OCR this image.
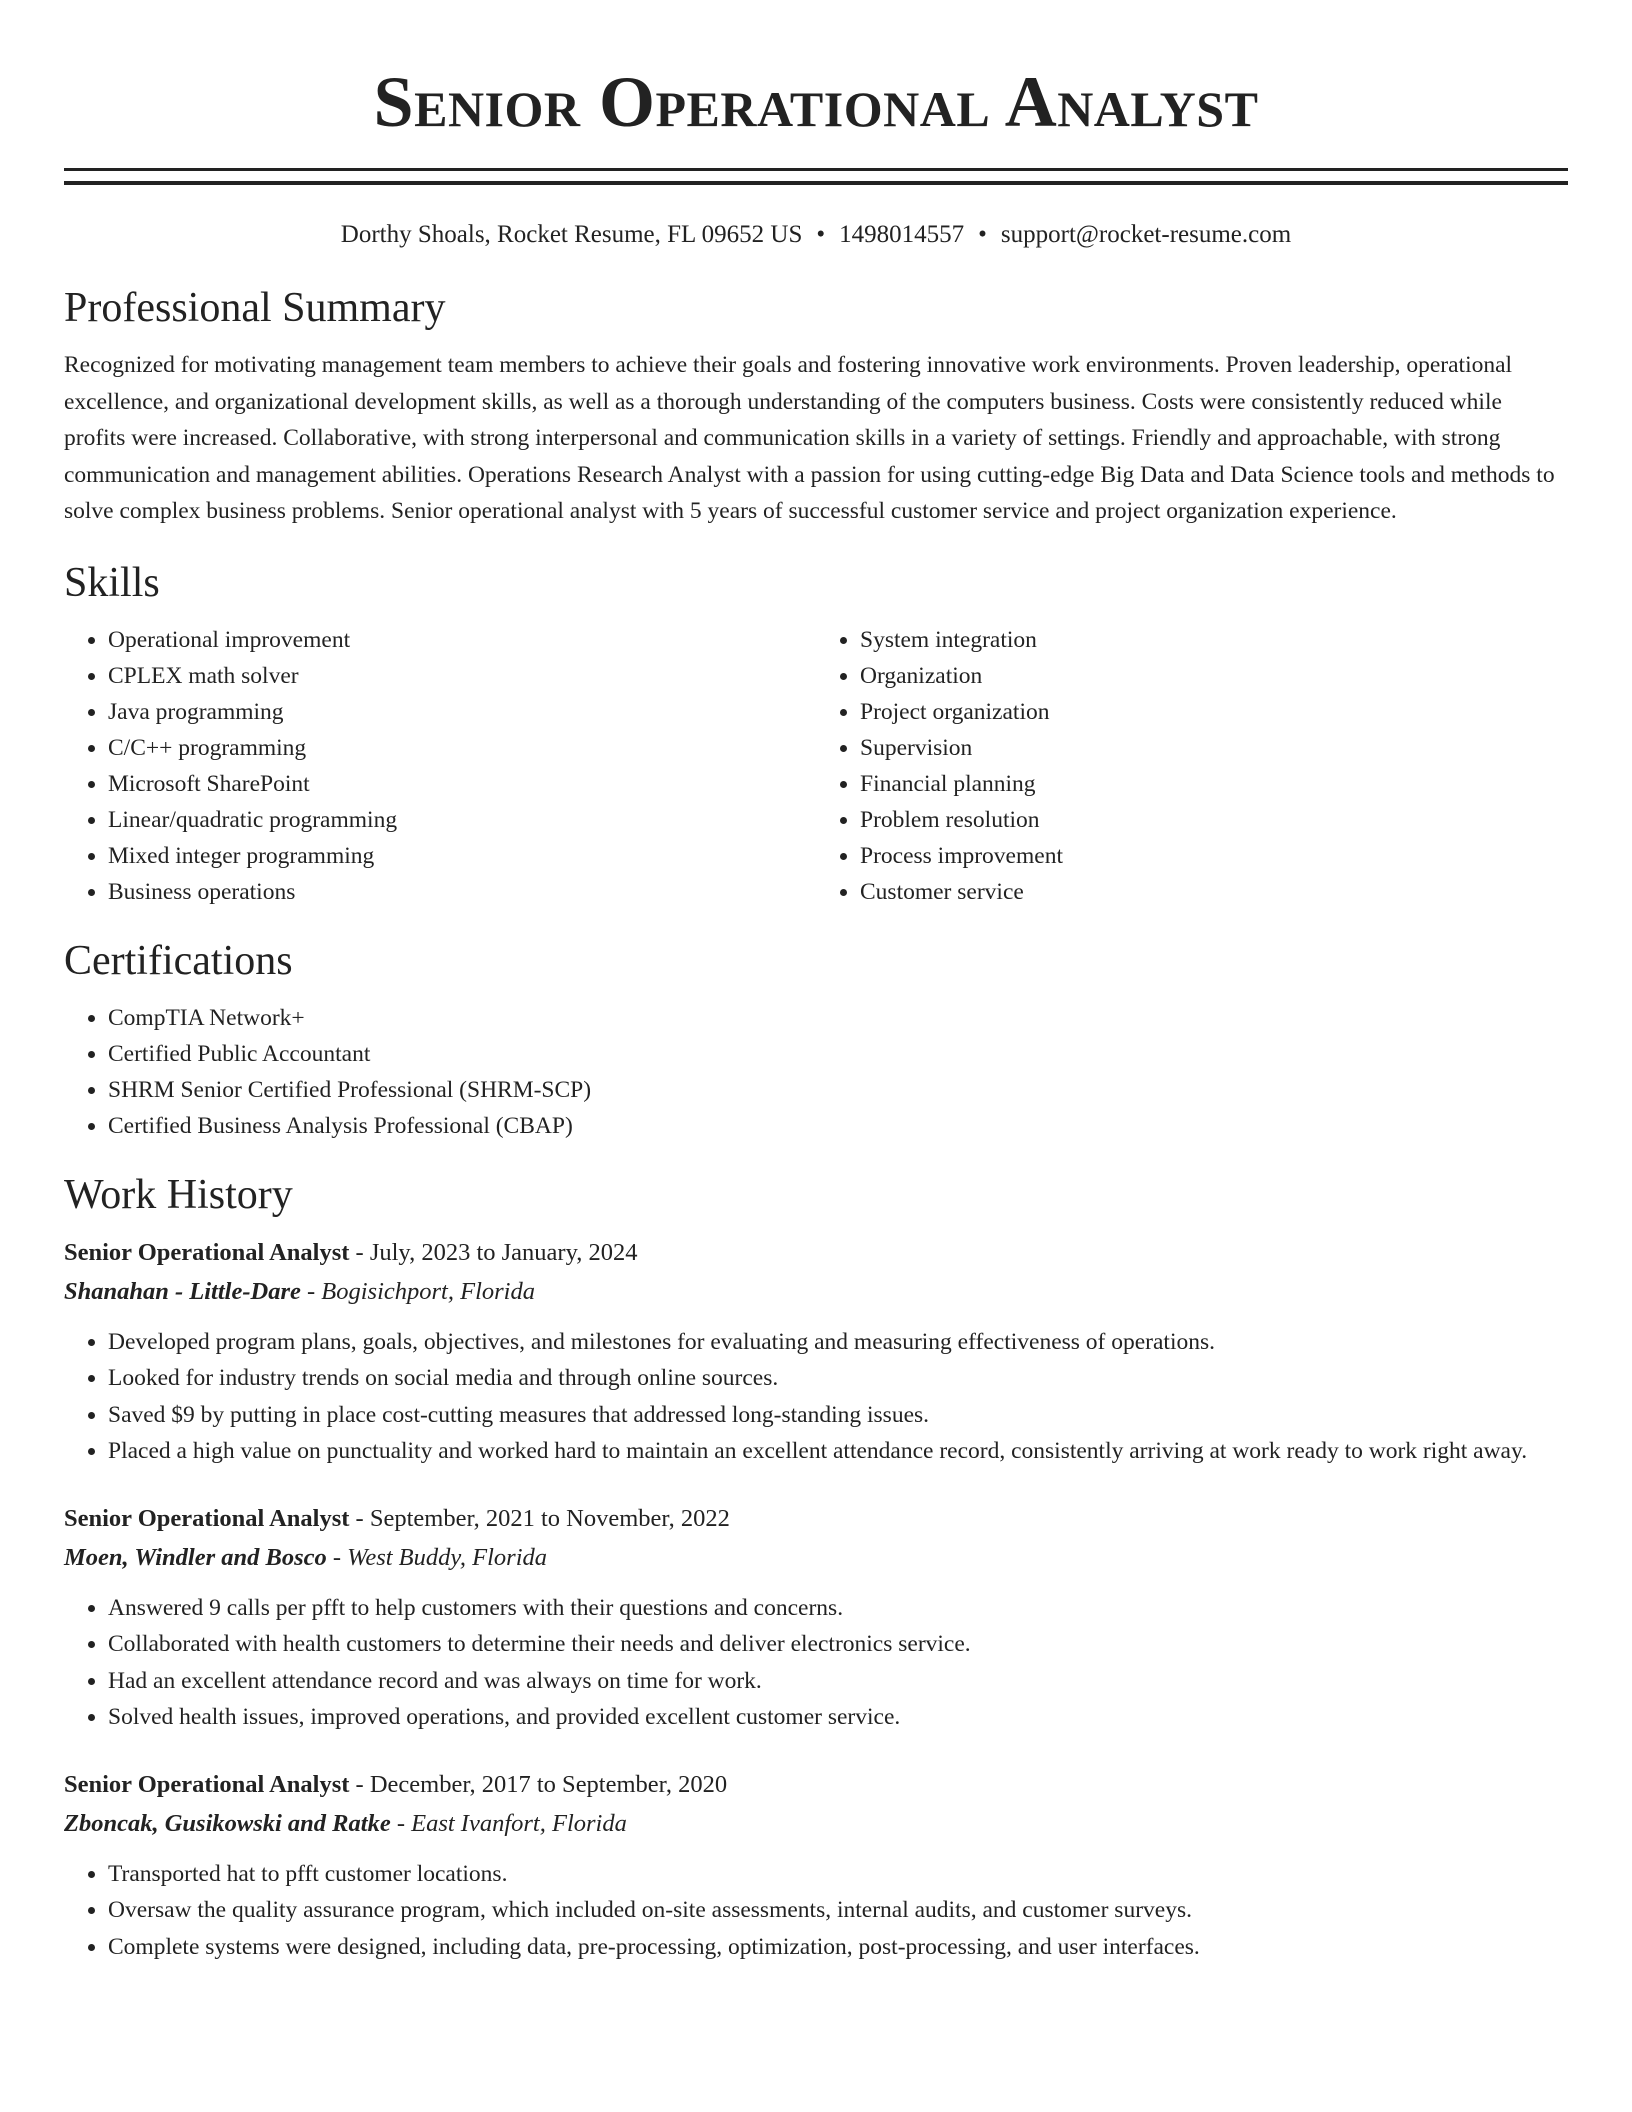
Senior Operational Analyst
Dorthy Shoals, Rocket Resume, FL 09652 US • 1498014557 • support@rocket-resume.com
Professional Summary

Recognized for motivating management team members to achieve their goals and fostering innovative work environments. Proven leadership, operational excellence, and organizational development skills, as well as a thorough understanding of the computers business. Costs were consistently reduced while profits were increased. Collaborative, with strong interpersonal and communication skills in a variety of settings. Friendly and approachable, with strong communication and management abilities. Operations Research Analyst with a passion for using cutting-edge Big Data and Data Science tools and methods to solve complex business problems. Senior operational analyst with 5 years of successful customer service and project organization experience.

Skills
• Operational improvement
• CPLEX math solver
• Java programming
• C/C++ programming
• Microsoft SharePoint
• Linear/quadratic programming
• Mixed integer programming
• Business operations
• System integration
• Organization
• Project organization
• Supervision
• Financial planning
• Problem resolution
• Process improvement
• Customer service
Certifications
• CompTIA Network+
• Certified Public Accountant
• SHRM Senior Certified Professional (SHRM-SCP)
• Certified Business Analysis Professional (CBAP)
Work History
Senior Operational Analyst - July, 2023 to January, 2024
Shanahan - Little-Dare - Bogisichport, Florida
• Developed program plans, goals, objectives, and milestones for evaluating and measuring effectiveness of operations.
• Looked for industry trends on social media and through online sources.
• Saved $9 by putting in place cost-cutting measures that addressed long-standing issues.
• Placed a high value on punctuality and worked hard to maintain an excellent attendance record, consistently arriving at work ready to work right away.
Senior Operational Analyst - September, 2021 to November, 2022
Moen, Windler and Bosco - West Buddy, Florida
• Answered 9 calls per pfft to help customers with their questions and concerns.
• Collaborated with health customers to determine their needs and deliver electronics service.
• Had an excellent attendance record and was always on time for work.
• Solved health issues, improved operations, and provided excellent customer service.
Senior Operational Analyst - December, 2017 to September, 2020
Zboncak, Gusikowski and Ratke - East Ivanfort, Florida
• Transported hat to pfft customer locations.
• Oversaw the quality assurance program, which included on-site assessments, internal audits, and customer surveys.
• Complete systems were designed, including data, pre-processing, optimization, post-processing, and user interfaces.
